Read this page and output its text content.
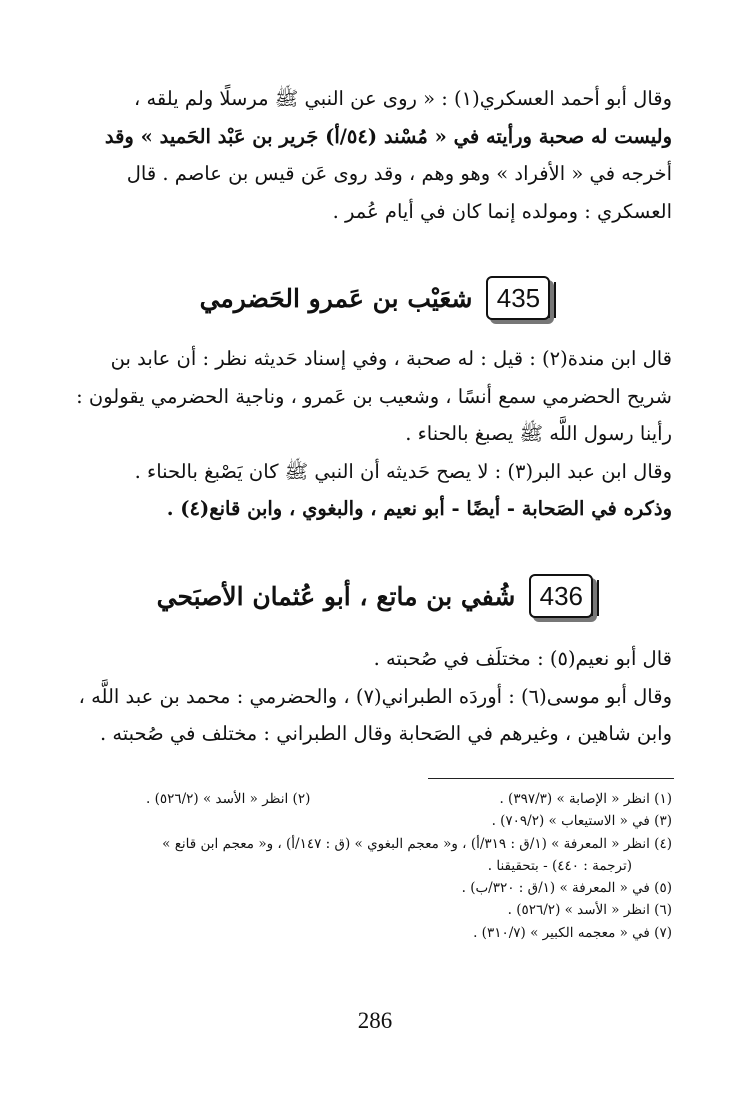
وقال أبو أحمد العسكري(١) : « روى عن النبي ﷺ مرسلًا ولم يلقه ،
وليست له صحبة ورأيته في « مُسْند (٥٤/أ) جَرير بن عَبْد الحَميد » وقد
أخرجه في « الأفراد » وهو وهم ، وقد روى عَن قيس بن عاصم . قال
العسكري : ومولده إنما كان في أيام عُمر .
435
شعَيْب بن عَمرو الحَضرمي
قال ابن مندة(٢) : قيل : له صحبة ، وفي إسناد حَديثه نظر : أن عابد بن
شريح الحضرمي سمع أنسًا ، وشعيب بن عَمرو ، وناجية الحضرمي يقولون :
رأينا رسول اللَّه ﷺ يصبغ بالحناء .
وقال ابن عبد البر(٣) : لا يصح حَديثه أن النبي ﷺ كان يَصْبغ بالحناء .
وذكره في الصَحابة - أيضًا - أبو نعيم ، والبغوي ، وابن قانع(٤) .
436
شُفي بن ماتع ، أبو عُثمان الأصبَحي
قال أبو نعيم(٥) : مختلَف في صُحبته .
وقال أبو موسى(٦) : أوردَه الطبراني(٧) ، والحضرمي : محمد بن عبد اللَّه ،
وابن شاهين ، وغيرهم في الصَحابة وقال الطبراني : مختلف في صُحبته .
(١) انظر « الإصابة » (٣٩٧/٣) .
(٢) انظر « الأسد » (٥٢٦/٢) .
(٣) في « الاستيعاب » (٧٠٩/٢) .
(٤) انظر « المعرفة » (١/ق : ٣١٩/أ) ، و« معجم البغوي » (ق : ١٤٧/أ) ، و« معجم ابن قانع »
(ترجمة : ٤٤٠) - بتحقيقنا .
(٥) في « المعرفة » (١/ق : ٣٢٠/ب) .
(٦) انظر « الأسد » (٥٢٦/٢) .
(٧) في « معجمه الكبير » (٣١٠/٧) .
286
